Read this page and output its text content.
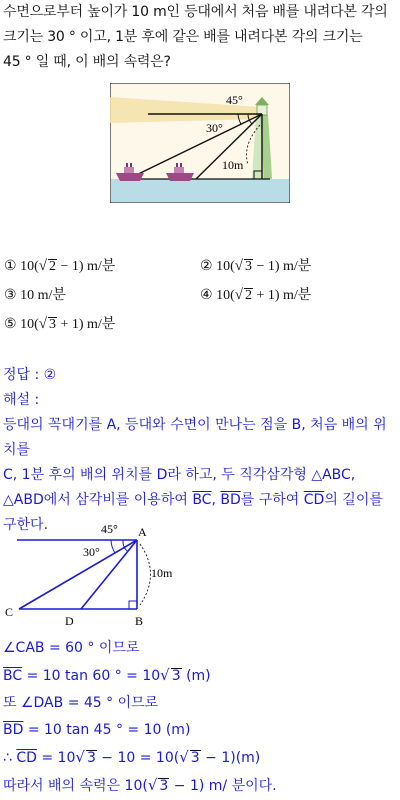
수면으로부터 높이가 10 m인 등대에서 처음 배를 내려다본 각의

크기는 30 ° 이고, 1분 후에 같은 배를 내려다본 각의 크기는

45 ° 일 때, 이 배의 속력은?

45°
30°
10m
① 10(√ 2 − 1) m/분	② 10(√ 3 − 1) m/분
③ 10 m/분	④ 10(√ 2 + 1) m/분
⑤ 10(√ 3 + 1) m/분

정답 : ②

해설 :

등대의 꼭대기를 A, 등대와 수면이 만나는 점을 B, 처음 배의 위치를

C, 1분 후의 배의 위치를 D라 하고, 두 직각삼각형 △ABC,

△ABD에서 삼각비를 이용하여 $\overline{BC}$, $\overline{BD}$를 구하여 $\overline{CD}$의 길이를

구한다.	A
B
C
D
45°
30°
10m

∠CAB = 60 ° 이므로

$\overline{BC} = 10$ tan 60 ° = 10√ 3 (m)

또 ∠DAB = 45 ° 이므로

$\overline{BD} = 10$ tan 45 ° = 10 (m)

∴ $\overline{CD} = 10√$ 3 − 10 = 10(√ 3 − 1)(m)

따라서 배의 속력은 10(√ 3 − 1) m/ 분이다.
